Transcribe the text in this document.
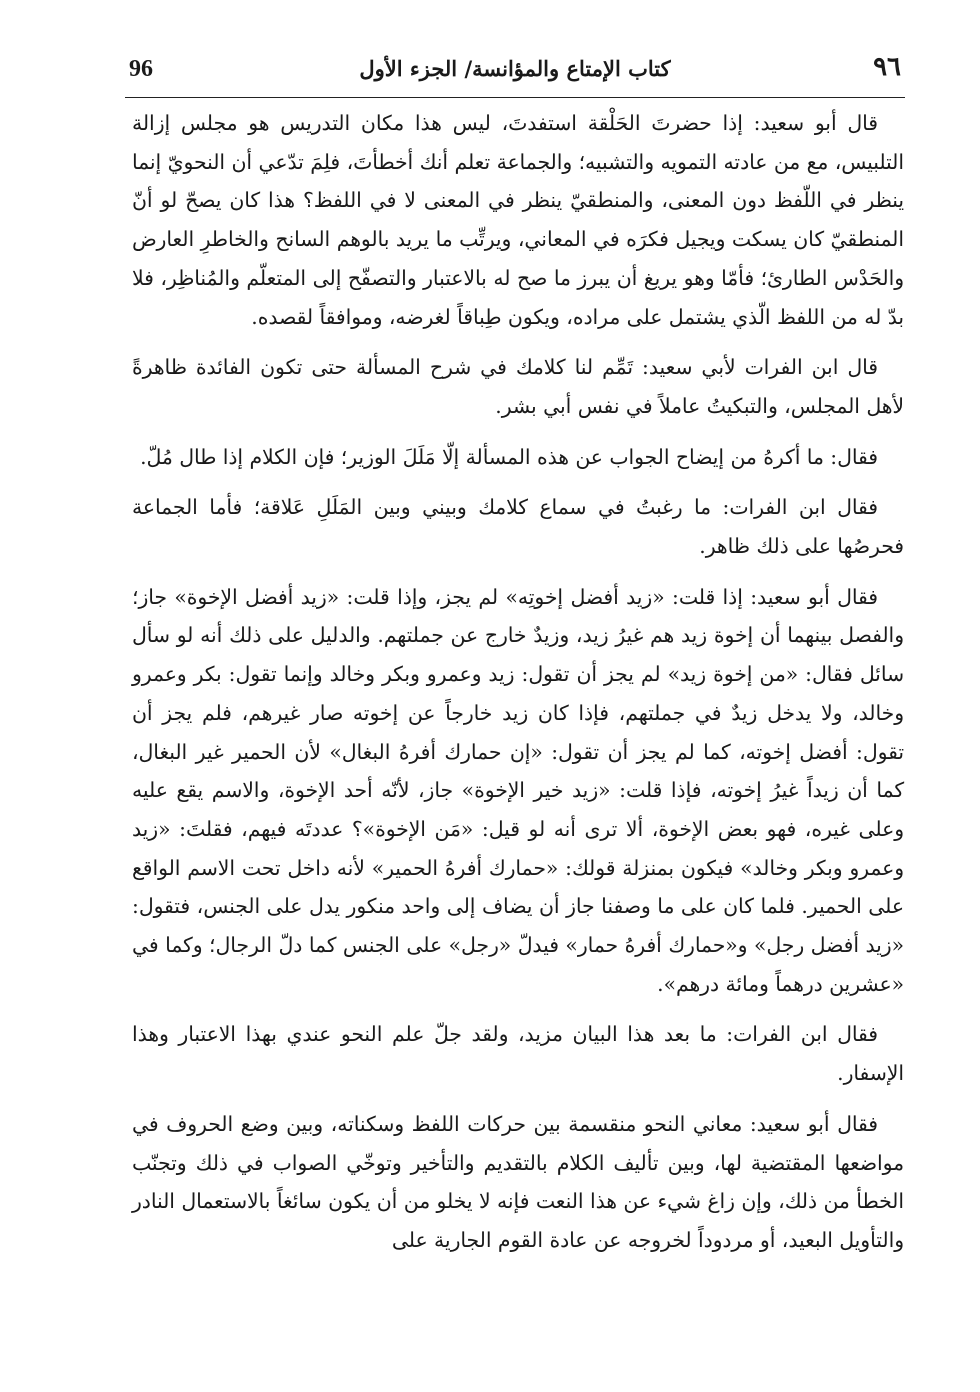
96	كتاب الإمتاع والمؤانسة/ الجزء الأول	٩٦

قال أبو سعيد: إذا حضرتَ الحَلْقة استفدتَ، ليس هذا مكان التدريس هو مجلس إزالة التلبيس، مع من عادته التمويه والتشبيه؛ والجماعة تعلم أنك أخطأتَ، فلِمَ تدّعي أن النحويّ إنما ينظر في اللّفظ دون المعنى، والمنطقيّ ينظر في المعنى لا في اللفظ؟ هذا كان يصحّ لو أنّ المنطقيّ كان يسكت ويجيل فكرَه في المعاني، ويرتِّب ما يريد بالوهم السانح والخاطرِ العارض والحَدْس الطارئ؛ فأمّا وهو يريغ أن يبرز ما صح له بالاعتبار والتصفّح إلى المتعلّم والمُناظِر، فلا بدّ له من اللفظ الّذي يشتمل على مراده، ويكون طِباقاً لغرضه، وموافقاً لقصده.

قال ابن الفرات لأبي سعيد: تَمِّم لنا كلامك في شرح المسألة حتى تكون الفائدة ظاهرةً لأهل المجلس، والتبكيتُ عاملاً في نفس أبي بشر.

فقال: ما أكرهُ من إيضاح الجواب عن هذه المسألة إلّا مَلَلَ الوزير؛ فإن الكلام إذا طال مُلّ.

فقال ابن الفرات: ما رغبتُ في سماع كلامك وبيني وبين المَلَلِ عَلاقة؛ فأما الجماعة فحرصُها على ذلك ظاهر.

فقال أبو سعيد: إذا قلت: «زيد أفضل إخوتِه» لم يجز، وإذا قلت: «زيد أفضل الإخوة» جاز؛ والفصل بينهما أن إخوة زيد هم غيرُ زيد، وزيدٌ خارج عن جملتهم. والدليل على ذلك أنه لو سأل سائل فقال: «من إخوة زيد» لم يجز أن تقول: زيد وعمرو وبكر وخالد وإنما تقول: بكر وعمرو وخالد، ولا يدخل زيدٌ في جملتهم، فإذا كان زيد خارجاً عن إخوته صار غيرهم، فلم يجز أن تقول: أفضل إخوته، كما لم يجز أن تقول: «إن حمارك أفرهُ البغال» لأن الحمير غير البغال، كما أن زيداً غيرُ إخوته، فإذا قلت: «زيد خير الإخوة» جاز، لأنّه أحد الإخوة، والاسم يقع عليه وعلى غيره، فهو بعض الإخوة، ألا ترى أنه لو قيل: «مَن الإخوة»؟ عددتَه فيهم، فقلتَ: «زيد وعمرو وبكر وخالد» فيكون بمنزلة قولك: «حمارك أفرهُ الحمير» لأنه داخل تحت الاسم الواقع على الحمير. فلما كان على ما وصفنا جاز أن يضاف إلى واحد منكور يدل على الجنس، فتقول: «زيد أفضل رجل» و«حمارك أفرهُ حمار» فيدلّ «رجل» على الجنس كما دلّ الرجال؛ وكما في «عشرين درهماً ومائة درهم».

فقال ابن الفرات: ما بعد هذا البيان مزيد، ولقد جلّ علم النحو عندي بهذا الاعتبار وهذا الإسفار.

فقال أبو سعيد: معاني النحو منقسمة بين حركات اللفظ وسكناته، وبين وضع الحروف في مواضعها المقتضية لها، وبين تأليف الكلام بالتقديم والتأخير وتوخّي الصواب في ذلك وتجنّب الخطأ من ذلك، وإن زاغ شيء عن هذا النعت فإنه لا يخلو من أن يكون سائغاً بالاستعمال النادر والتأويل البعيد، أو مردوداً لخروجه عن عادة القوم الجارية على
